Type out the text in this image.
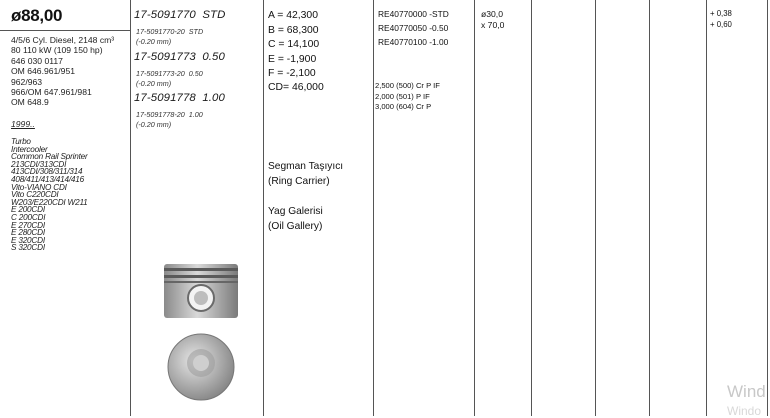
ø88,00
4/5/6 Cyl. Diesel, 2148 cm³
80 110 kW (109 150 hp)
646 030 0117
OM 646.961/951
962/963
966/OM 647.961/981
OM 648.9
1999..
Turbo
Intercooler
Common Rail Sprinter
213CDI/313CDI
413CDI/308/311/314
408/411/413/414/416
Vito-VIANO CDI
Vito C220CDI
W203/E220CDI W211
E 200CDI
C 200CDI
E 270CDI
E 280CDI
E 320CDI
S 320CDI
17-5091770 STD
17-5091770-20 STD
(-0.20 mm)
17-5091773 0.50
17-5091773-20 0.50
(-0.20 mm)
17-5091778 1.00
17-5091778-20 1.00
(-0.20 mm)
A = 42,300
B = 68,300
C = 14,100
E = -1,900
F = -2,100
CD= 46,000
Segman Taşıyıcı
(Ring Carrier)
Yag Galerisi
(Oil Gallery)
RE40770000 -STD
RE40770050 -0.50
RE40770100 -1.00
2,500 (500) Cr P IF
2,000 (501) P IF
3,000 (604) Cr P
ø30,0
x 70,0
+ 0,38
+ 0,60
Wind
Windo
